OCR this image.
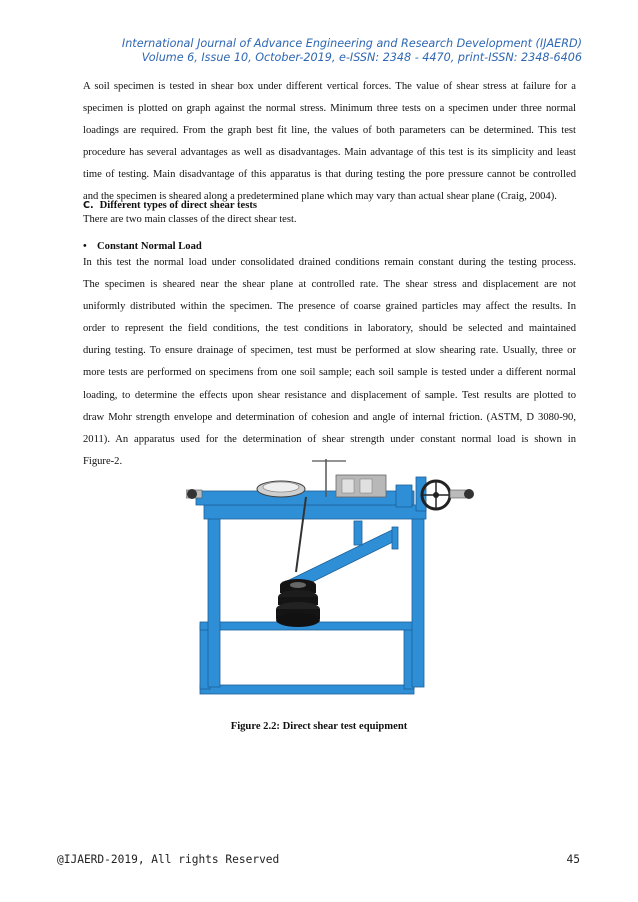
International Journal of Advance Engineering and Research Development (IJAERD)
Volume 6, Issue 10, October-2019, e-ISSN: 2348 - 4470, print-ISSN: 2348-6406
A soil specimen is tested in shear box under different vertical forces. The value of shear stress at failure for a
specimen is plotted on graph against the normal stress. Minimum three tests on a specimen under three normal
loadings are required. From the graph best fit line, the values of both parameters can be determined. This test
procedure has several advantages as well as disadvantages. Main advantage of this test is its simplicity and least
time of testing. Main disadvantage of this apparatus is that during testing the pore pressure cannot be controlled
and the specimen is sheared along a predetermined plane which may vary than actual shear plane (Craig, 2004).
C. Different types of direct shear tests
There are two main classes of the direct shear test.
• Constant Normal Load
In this test the normal load under consolidated drained conditions remain constant during the testing process.
The specimen is sheared near the shear plane at controlled rate. The shear stress and displacement are not
uniformly distributed within the specimen. The presence of coarse grained particles may affect the results. In
order to represent the field conditions, the test conditions in laboratory, should be selected and maintained
during testing. To ensure drainage of specimen, test must be performed at slow shearing rate. Usually, three or
more tests are performed on specimens from one soil sample; each soil sample is tested under a different normal
loading, to determine the effects upon shear resistance and displacement of sample. Test results are plotted to
draw Mohr strength envelope and determination of cohesion and angle of internal friction. (ASTM, D 3080-90,
2011). An apparatus used for the determination of shear strength under constant normal load is shown in
Figure-2.
Figure 2.2: Direct shear test equipment
@IJAERD-2019, All rights Reserved	45
